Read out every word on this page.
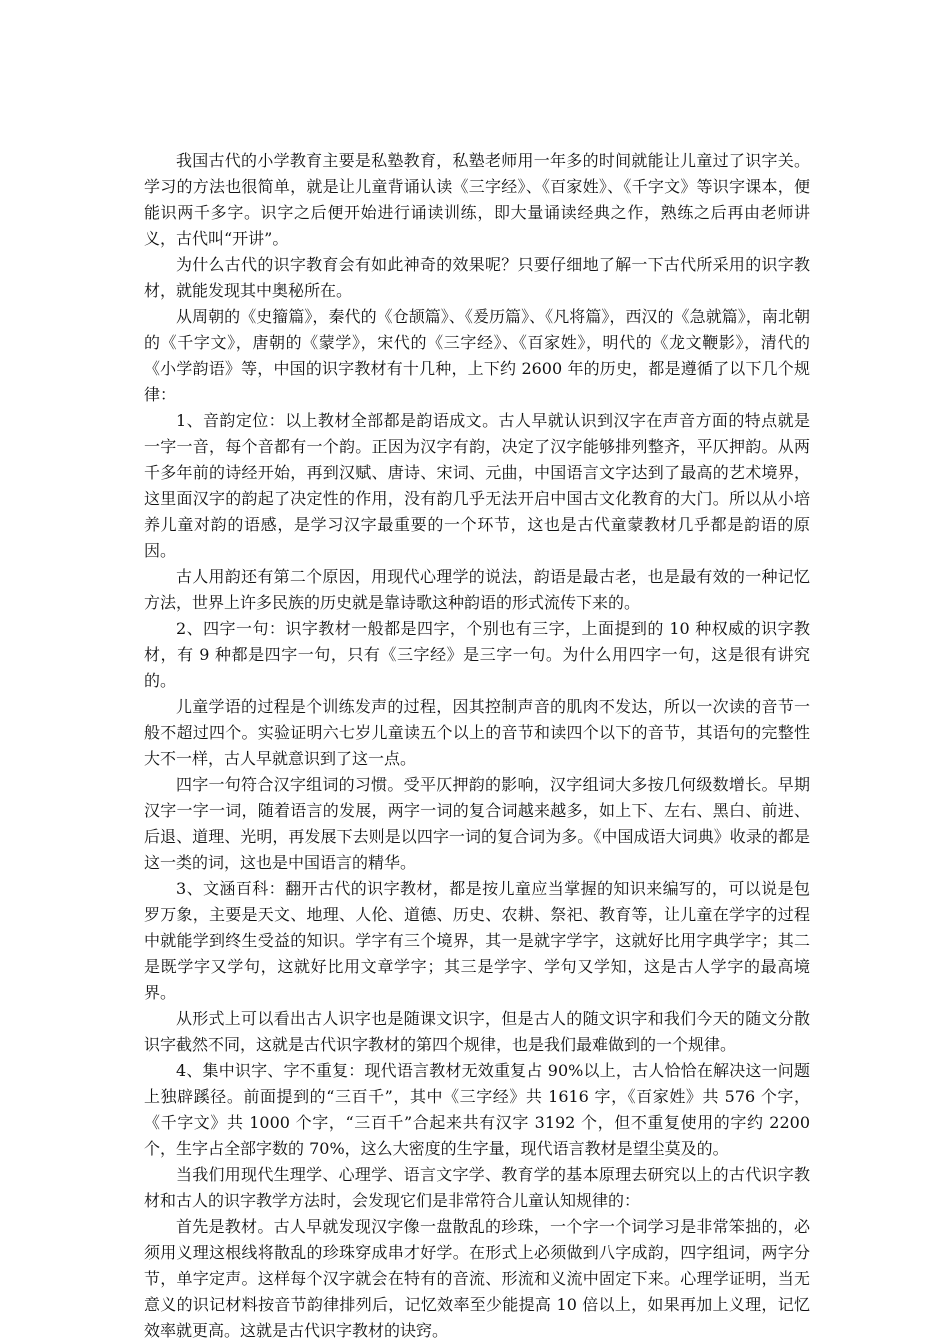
我国古代的小学教育主要是私塾教育，私塾老师用一年多的时间就能让儿童过了识字关。学习的方法也很简单，就是让儿童背诵认读《三字经》、《百家姓》、《千字文》等识字课本，便能识两千多字。识字之后便开始进行诵读训练，即大量诵读经典之作，熟练之后再由老师讲义，古代叫“开讲”。

为什么古代的识字教育会有如此神奇的效果呢？只要仔细地了解一下古代所采用的识字教材，就能发现其中奥秘所在。

从周朝的《史籀篇》，秦代的《仓颉篇》、《爰历篇》、《凡将篇》，西汉的《急就篇》，南北朝的《千字文》，唐朝的《蒙学》，宋代的《三字经》、《百家姓》，明代的《龙文鞭影》，清代的《小学韵语》等，中国的识字教材有十几种，上下约 2600 年的历史，都是遵循了以下几个规律：

1、音韵定位：以上教材全部都是韵语成文。古人早就认识到汉字在声音方面的特点就是一字一音，每个音都有一个韵。正因为汉字有韵，决定了汉字能够排列整齐，平仄押韵。从两千多年前的诗经开始，再到汉赋、唐诗、宋词、元曲，中国语言文字达到了最高的艺术境界，这里面汉字的韵起了决定性的作用，没有韵几乎无法开启中国古文化教育的大门。所以从小培养儿童对韵的语感，是学习汉字最重要的一个环节，这也是古代童蒙教材几乎都是韵语的原因。

古人用韵还有第二个原因，用现代心理学的说法，韵语是最古老，也是最有效的一种记忆方法，世界上许多民族的历史就是靠诗歌这种韵语的形式流传下来的。

2、四字一句：识字教材一般都是四字，个别也有三字，上面提到的 10 种权威的识字教材，有 9 种都是四字一句，只有《三字经》是三字一句。为什么用四字一句，这是很有讲究的。

儿童学语的过程是个训练发声的过程，因其控制声音的肌肉不发达，所以一次读的音节一般不超过四个。实验证明六七岁儿童读五个以上的音节和读四个以下的音节，其语句的完整性大不一样，古人早就意识到了这一点。

四字一句符合汉字组词的习惯。受平仄押韵的影响，汉字组词大多按几何级数增长。早期汉字一字一词，随着语言的发展，两字一词的复合词越来越多，如上下、左右、黑白、前进、后退、道理、光明，再发展下去则是以四字一词的复合词为多。《中国成语大词典》收录的都是这一类的词，这也是中国语言的精华。

3、文涵百科：翻开古代的识字教材，都是按儿童应当掌握的知识来编写的，可以说是包罗万象，主要是天文、地理、人伦、道德、历史、农耕、祭祀、教育等，让儿童在学字的过程中就能学到终生受益的知识。学字有三个境界，其一是就字学字，这就好比用字典学字；其二是既学字又学句，这就好比用文章学字；其三是学字、学句又学知，这是古人学字的最高境界。

从形式上可以看出古人识字也是随课文识字，但是古人的随文识字和我们今天的随文分散识字截然不同，这就是古代识字教材的第四个规律，也是我们最难做到的一个规律。

4、集中识字、字不重复：现代语言教材无效重复占 90%以上，古人恰恰在解决这一问题上独辟蹊径。前面提到的“三百千”，其中《三字经》共 1616 字，《百家姓》共 576 个字，《千字文》共 1000 个字，“三百千”合起来共有汉字 3192 个，但不重复使用的字约 2200 个，生字占全部字数的 70%，这么大密度的生字量，现代语言教材是望尘莫及的。

当我们用现代生理学、心理学、语言文字学、教育学的基本原理去研究以上的古代识字教材和古人的识字教学方法时，会发现它们是非常符合儿童认知规律的：

首先是教材。古人早就发现汉字像一盘散乱的珍珠，一个字一个词学习是非常笨拙的，必须用义理这根线将散乱的珍珠穿成串才好学。在形式上必须做到八字成韵，四字组词，两字分节，单字定声。这样每个汉字就会在特有的音流、形流和义流中固定下来。心理学证明，当无意义的识记材料按音节韵律排列后，记忆效率至少能提高 10 倍以上，如果再加上义理，记忆效率就更高。这就是古代识字教材的诀窍。
